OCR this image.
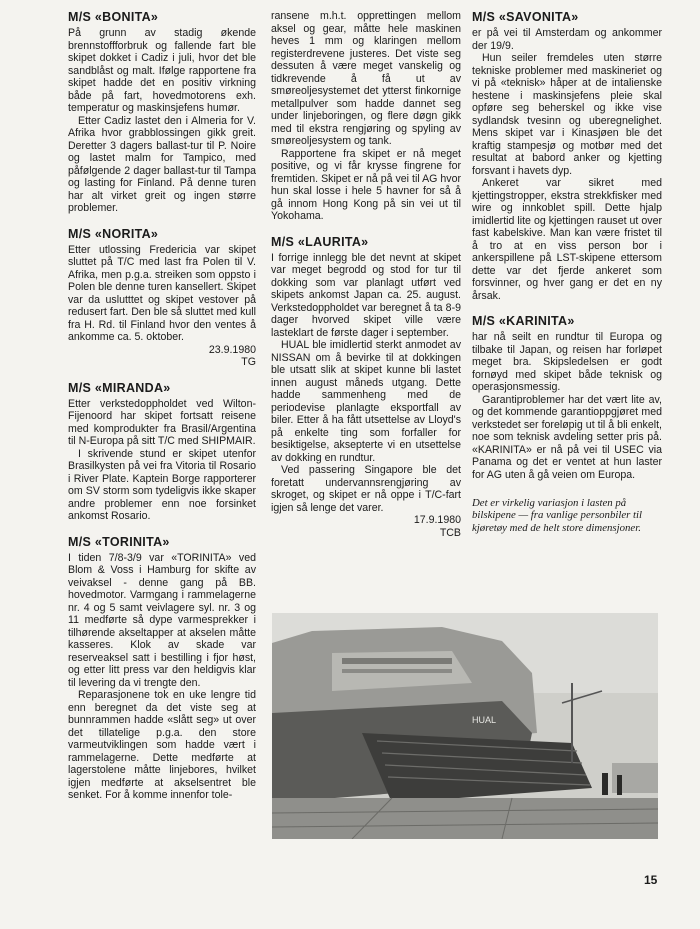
M/S «BONITA»

På grunn av stadig økende brennstoffforbruk og fallende fart ble skipet dokket i Cadiz i juli, hvor det ble sandblåst og malt. Ifølge rapportene fra skipet hadde det en positiv virkning både på fart, hovedmotorens exh. temperatur og maskinsjefens humør.

Etter Cadiz lastet den i Almeria for V. Afrika hvor grabblossingen gikk greit. Deretter 3 dagers ballast-tur til P. Noire og lastet malm for Tampico, med påfølgende 2 dager ballast-tur til Tampa og lasting for Finland. På denne turen har alt virket greit og ingen større problemer.

M/S «NORITA»

Etter utlossing Fredericia var skipet sluttet på T/C med last fra Polen til V. Afrika, men p.g.a. streiken som oppsto i Polen ble denne turen kansellert. Skipet var da uslutttet og skipet vestover på redusert fart. Den ble så sluttet med kull fra H. Rd. til Finland hvor den ventes å ankomme ca. 5. oktober.

23.9.1980
TG
M/S «MIRANDA»

Etter verkstedoppholdet ved Wilton-Fijenoord har skipet fortsatt reisene med komprodukter fra Brasil/Argentina til N-Europa på sitt T/C med SHIPMAIR.

I skrivende stund er skipet utenfor Brasilkysten på vei fra Vitoria til Rosario i River Plate. Kaptein Borge rapporterer om SV storm som tydeligvis ikke skaper andre problemer enn noe forsinket ankomst Rosario.

M/S «TORINITA»

I tiden 7/8-3/9 var «TORINITA» ved Blom & Voss i Hamburg for skifte av veivaksel - denne gang på BB. hovedmotor. Varmgang i rammelagerne nr. 4 og 5 samt veivlagere syl. nr. 3 og 11 medførte så dype varmesprekker i tilhørende akseltapper at akselen måtte kasseres. Klok av skade var reserveaksel satt i bestilling i fjor høst, og etter litt press var den heldigvis klar til levering da vi trengte den.

Reparasjonene tok en uke lengre tid enn beregnet da det viste seg at bunnrammen hadde «slått seg» ut over det tillatelige p.g.a. den store varmeutviklingen som hadde vært i rammelagerne. Dette medførte at lagerstolene måtte linjebores, hvilket igjen medførte at akselsentret ble senket. For å komme innenfor tole-

ransene m.h.t. opprettingen mellom aksel og gear, måtte hele maskinen heves 1 mm og klaringen mellom registerdrevene justeres. Det viste seg dessuten å være meget vanskelig og tidkrevende å få ut av smøreoljesystemet det ytterst finkornige metallpulver som hadde dannet seg under linjeboringen, og flere døgn gikk med til ekstra rengjøring og spyling av smøreoljesystem og tank.

Rapportene fra skipet er nå meget positive, og vi får krysse fingrene for fremtiden. Skipet er nå på vei til AG hvor hun skal losse i hele 5 havner for så å gå innom Hong Kong på sin vei ut til Yokohama.

M/S «LAURITA»

I forrige innlegg ble det nevnt at skipet var meget begrodd og stod for tur til dokking som var planlagt utført ved skipets ankomst Japan ca. 25. august. Verkstedoppholdet var beregnet å ta 8-9 dager hvorved skipet ville være lasteklart de første dager i september.

HUAL ble imidlertid sterkt anmodet av NISSAN om å bevirke til at dokkingen ble utsatt slik at skipet kunne bli lastet innen august måneds utgang. Dette hadde sammenheng med de periodevise planlagte eksportfall av biler. Etter å ha fått utsettelse av Lloyd's på enkelte ting som forfaller for besiktigelse, aksepterte vi en utsettelse av dokking en rundtur.

Ved passering Singapore ble det foretatt undervannsrengjøring av skroget, og skipet er nå oppe i T/C-fart igjen så lenge det varer.

17.9.1980
TCB
M/S «SAVONITA»

er på vei til Amsterdam og ankommer der 19/9.

Hun seiler fremdeles uten større tekniske problemer med maskineriet og vi på «teknisk» håper at de intalienske hestene i maskinsjefens pleie skal opføre seg beherskel og ikke vise sydlandsk tvesinn og uberegnelighet. Mens skipet var i Kinasjøen ble det kraftig stampesjø og motbør med det resultat at babord anker og kjetting forsvant i havets dyp.

Ankeret var sikret med kjettingstropper, ekstra strekkfisker med wire og innkoblet spill. Dette hjalp imidlertid lite og kjettingen rauset ut over fast kabelskive. Man kan være fristet til å tro at en viss person bor i ankerspillene på LST-skipene ettersom dette var det fjerde ankeret som forsvinner, og hver gang er det en ny årsak.

M/S «KARINITA»

har nå seilt en rundtur til Europa og tilbake til Japan, og reisen har forløpet meget bra. Skipsledelsen er godt fornøyd med skipet både teknisk og operasjonsmessig.

Garantiproblemer har det vært lite av, og det kommende garantioppgjøret med verkstedet ser foreløpig ut til å bli enkelt, noe som teknisk avdeling setter pris på. «KARINITA» er nå på vei til USEC via Panama og det er ventet at hun laster for AG uten å gå veien om Europa.

Det er virkelig variasjon i lasten på bilskipene — fra vanlige personbiler til kjøretøy med de helt store dimensjoner.
HUAL
15
